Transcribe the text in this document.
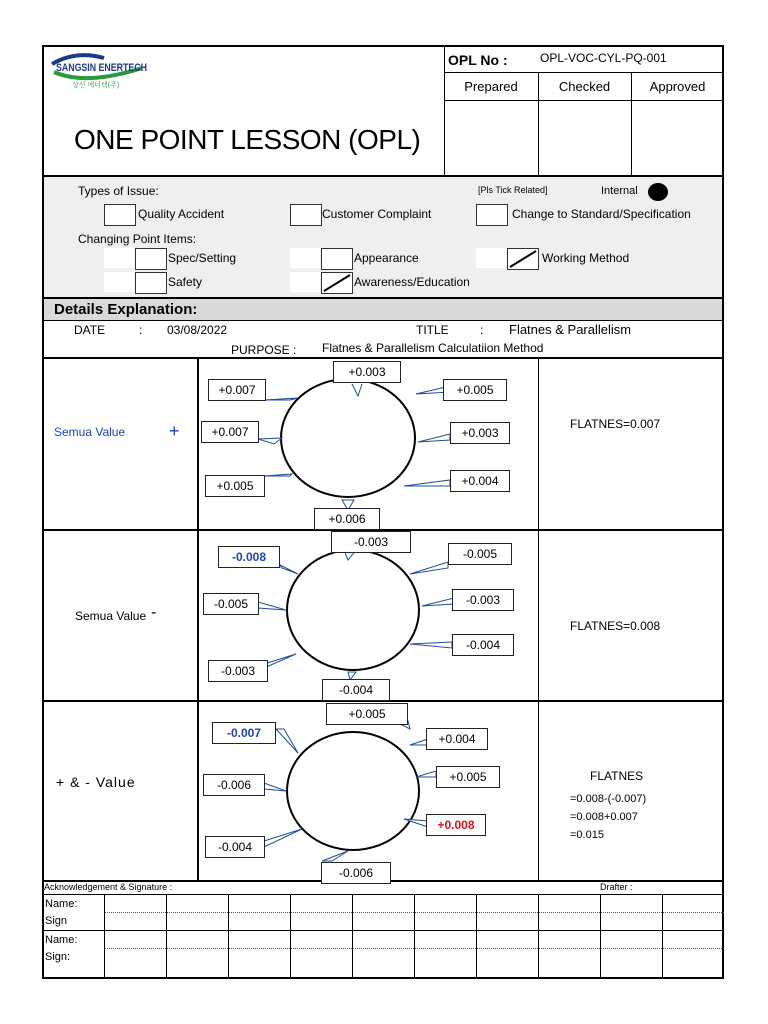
SANGSIN ENERTECH
상신 에너텍(주)
ONE POINT LESSON (OPL)
OPL No :	OPL-VOC-CYL-PQ-001
Prepared	Checked	Approved
Types of Issue:	[Pls Tick Related]	Internal
Quality Accident	Customer Complaint	Change to Standard/Specification
Changing Point Items:
Spec/Setting	Appearance	Working Method
Safety	Awareness/Education
Details Explanation:
DATE	: 03/08/2022	TITLE	: Flatnes & Parallelism
PURPOSE : Flatnes & Parallelism Calculatiion Method
Semua Value +
+0.003
+0.007
+0.007
+0.005
+0.005
+0.003
+0.004
+0.006
FLATNES=0.007
Semua Value -
-0.003
-0.008	-0.005
-0.005	-0.003
-0.004
-0.003
-0.004
FLATNES=0.008
+ & - Value
+0.005
-0.007	+0.004
-0.006
+0.005
+0.008
-0.004
-0.006
FLATNES
=0.008-(-0.007)
=0.008+0.007
=0.015
Acknowledgement & Signature :	Drafter :
Name:
Sign
Name:
Sign:
